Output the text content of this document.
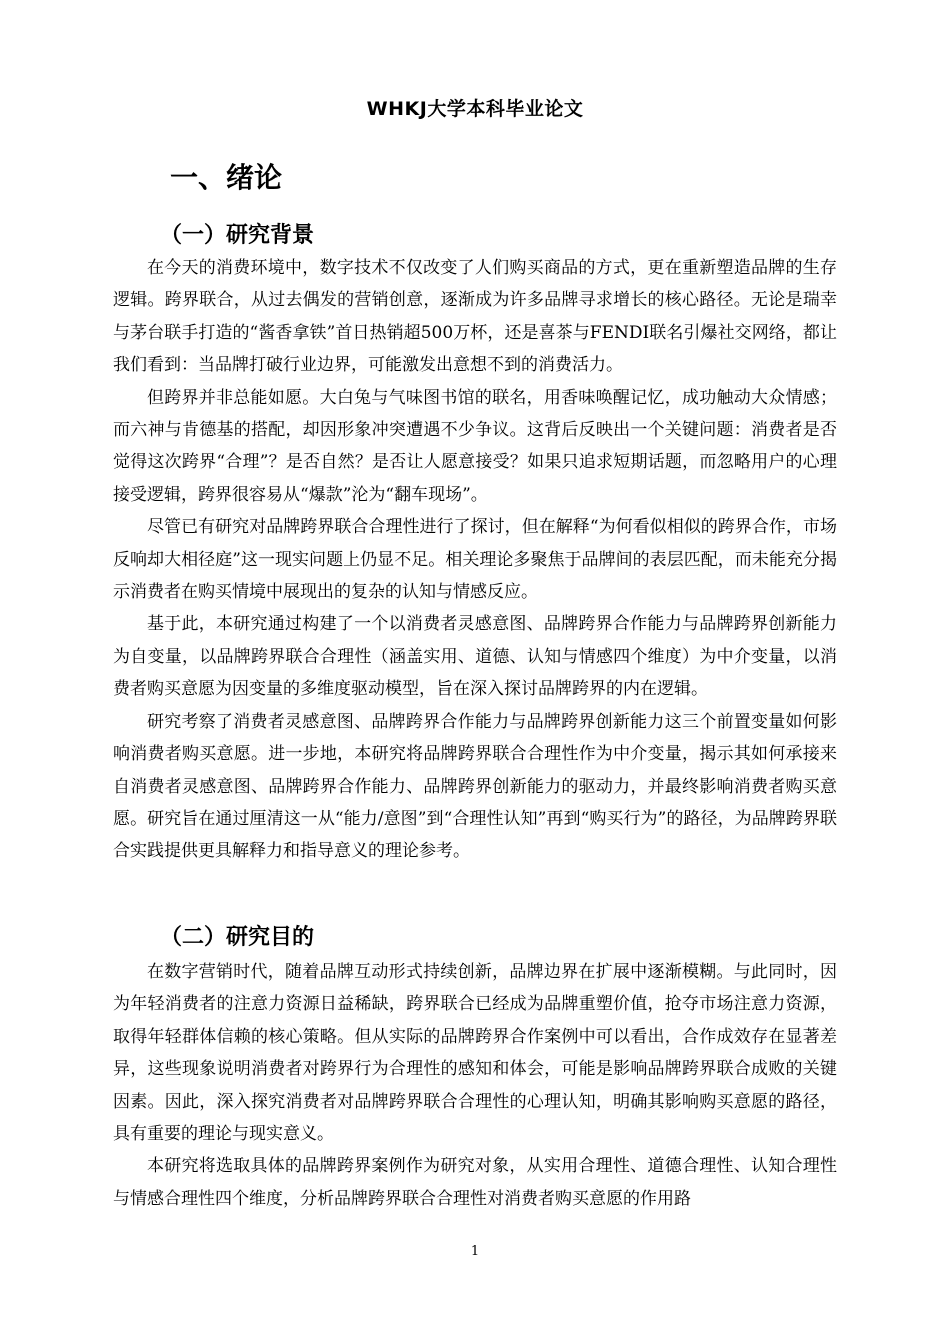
WHKJ大学本科毕业论文
一、绪论
（一）研究背景

在今天的消费环境中，数字技术不仅改变了人们购买商品的方式，更在重新塑造品牌的生存逻辑。跨界联合，从过去偶发的营销创意，逐渐成为许多品牌寻求增长的核心路径。无论是瑞幸与茅台联手打造的“酱香拿铁”首日热销超500万杯，还是喜茶与FENDI联名引爆社交网络，都让我们看到：当品牌打破行业边界，可能激发出意想不到的消费活力。

但跨界并非总能如愿。大白兔与气味图书馆的联名，用香味唤醒记忆，成功触动大众情感；而六神与肯德基的搭配，却因形象冲突遭遇不少争议。这背后反映出一个关键问题：消费者是否觉得这次跨界“合理”？是否自然？是否让人愿意接受？如果只追求短期话题，而忽略用户的心理接受逻辑，跨界很容易从“爆款”沦为“翻车现场”。

尽管已有研究对品牌跨界联合合理性进行了探讨，但在解释“为何看似相似的跨界合作，市场反响却大相径庭”这一现实问题上仍显不足。相关理论多聚焦于品牌间的表层匹配，而未能充分揭示消费者在购买情境中展现出的复杂的认知与情感反应。

基于此，本研究通过构建了一个以消费者灵感意图、品牌跨界合作能力与品牌跨界创新能力为自变量，以品牌跨界联合合理性（涵盖实用、道德、认知与情感四个维度）为中介变量，以消费者购买意愿为因变量的多维度驱动模型，旨在深入探讨品牌跨界的内在逻辑。

研究考察了消费者灵感意图、品牌跨界合作能力与品牌跨界创新能力这三个前置变量如何影响消费者购买意愿。进一步地，本研究将品牌跨界联合合理性作为中介变量，揭示其如何承接来自消费者灵感意图、品牌跨界合作能力、品牌跨界创新能力的驱动力，并最终影响消费者购买意愿。研究旨在通过厘清这一从“能力/意图”到“合理性认知”再到“购买行为”的路径，为品牌跨界联合实践提供更具解释力和指导意义的理论参考。

（二）研究目的

在数字营销时代，随着品牌互动形式持续创新，品牌边界在扩展中逐渐模糊。与此同时，因为年轻消费者的注意力资源日益稀缺，跨界联合已经成为品牌重塑价值，抢夺市场注意力资源，取得年轻群体信赖的核心策略。但从实际的品牌跨界合作案例中可以看出，合作成效存在显著差异，这些现象说明消费者对跨界行为合理性的感知和体会，可能是影响品牌跨界联合成败的关键因素。因此，深入探究消费者对品牌跨界联合合理性的心理认知，明确其影响购买意愿的路径，具有重要的理论与现实意义。

本研究将选取具体的品牌跨界案例作为研究对象，从实用合理性、道德合理性、认知合理性与情感合理性四个维度，分析品牌跨界联合合理性对消费者购买意愿的作用路

1
